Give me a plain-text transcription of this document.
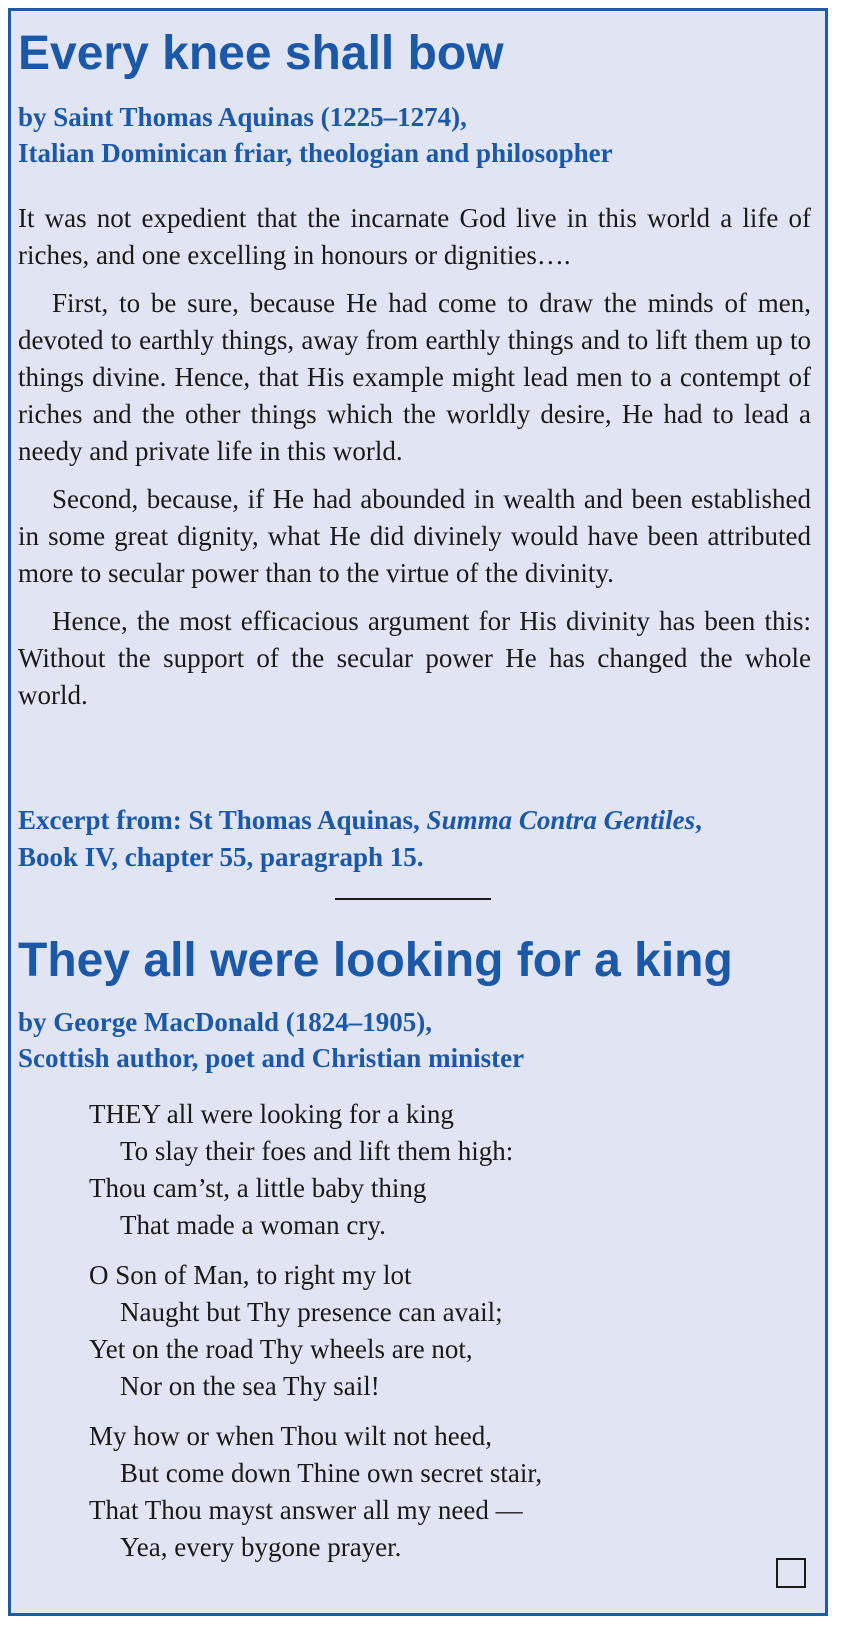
Every knee shall bow
by Saint Thomas Aquinas (1225–1274),
Italian Dominican friar, theologian and philosopher

It was not expedient that the incarnate God live in this world a life of riches, and one excelling in honours or dignities….

First, to be sure, because He had come to draw the minds of men, devoted to earthly things, away from earthly things and to lift them up to things divine. Hence, that His example might lead men to a contempt of riches and the other things which the worldly desire, He had to lead a needy and private life in this world.

Second, because, if He had abounded in wealth and been established in some great dignity, what He did divinely would have been attributed more to secular power than to the virtue of the divinity.

Hence, the most efficacious argument for His divinity has been this: Without the support of the secular power He has changed the whole world.

Excerpt from: St Thomas Aquinas, Summa Contra Gentiles,
Book IV, chapter 55, paragraph 15.
They all were looking for a king
by George MacDonald (1824–1905),
Scottish author, poet and Christian minister
THEY all were looking for a king
To slay their foes and lift them high:
Thou cam’st, a little baby thing
That made a woman cry.
O Son of Man, to right my lot
Naught but Thy presence can avail;
Yet on the road Thy wheels are not,
Nor on the sea Thy sail!
My how or when Thou wilt not heed,
But come down Thine own secret stair,
That Thou mayst answer all my need —
Yea, every bygone prayer.
